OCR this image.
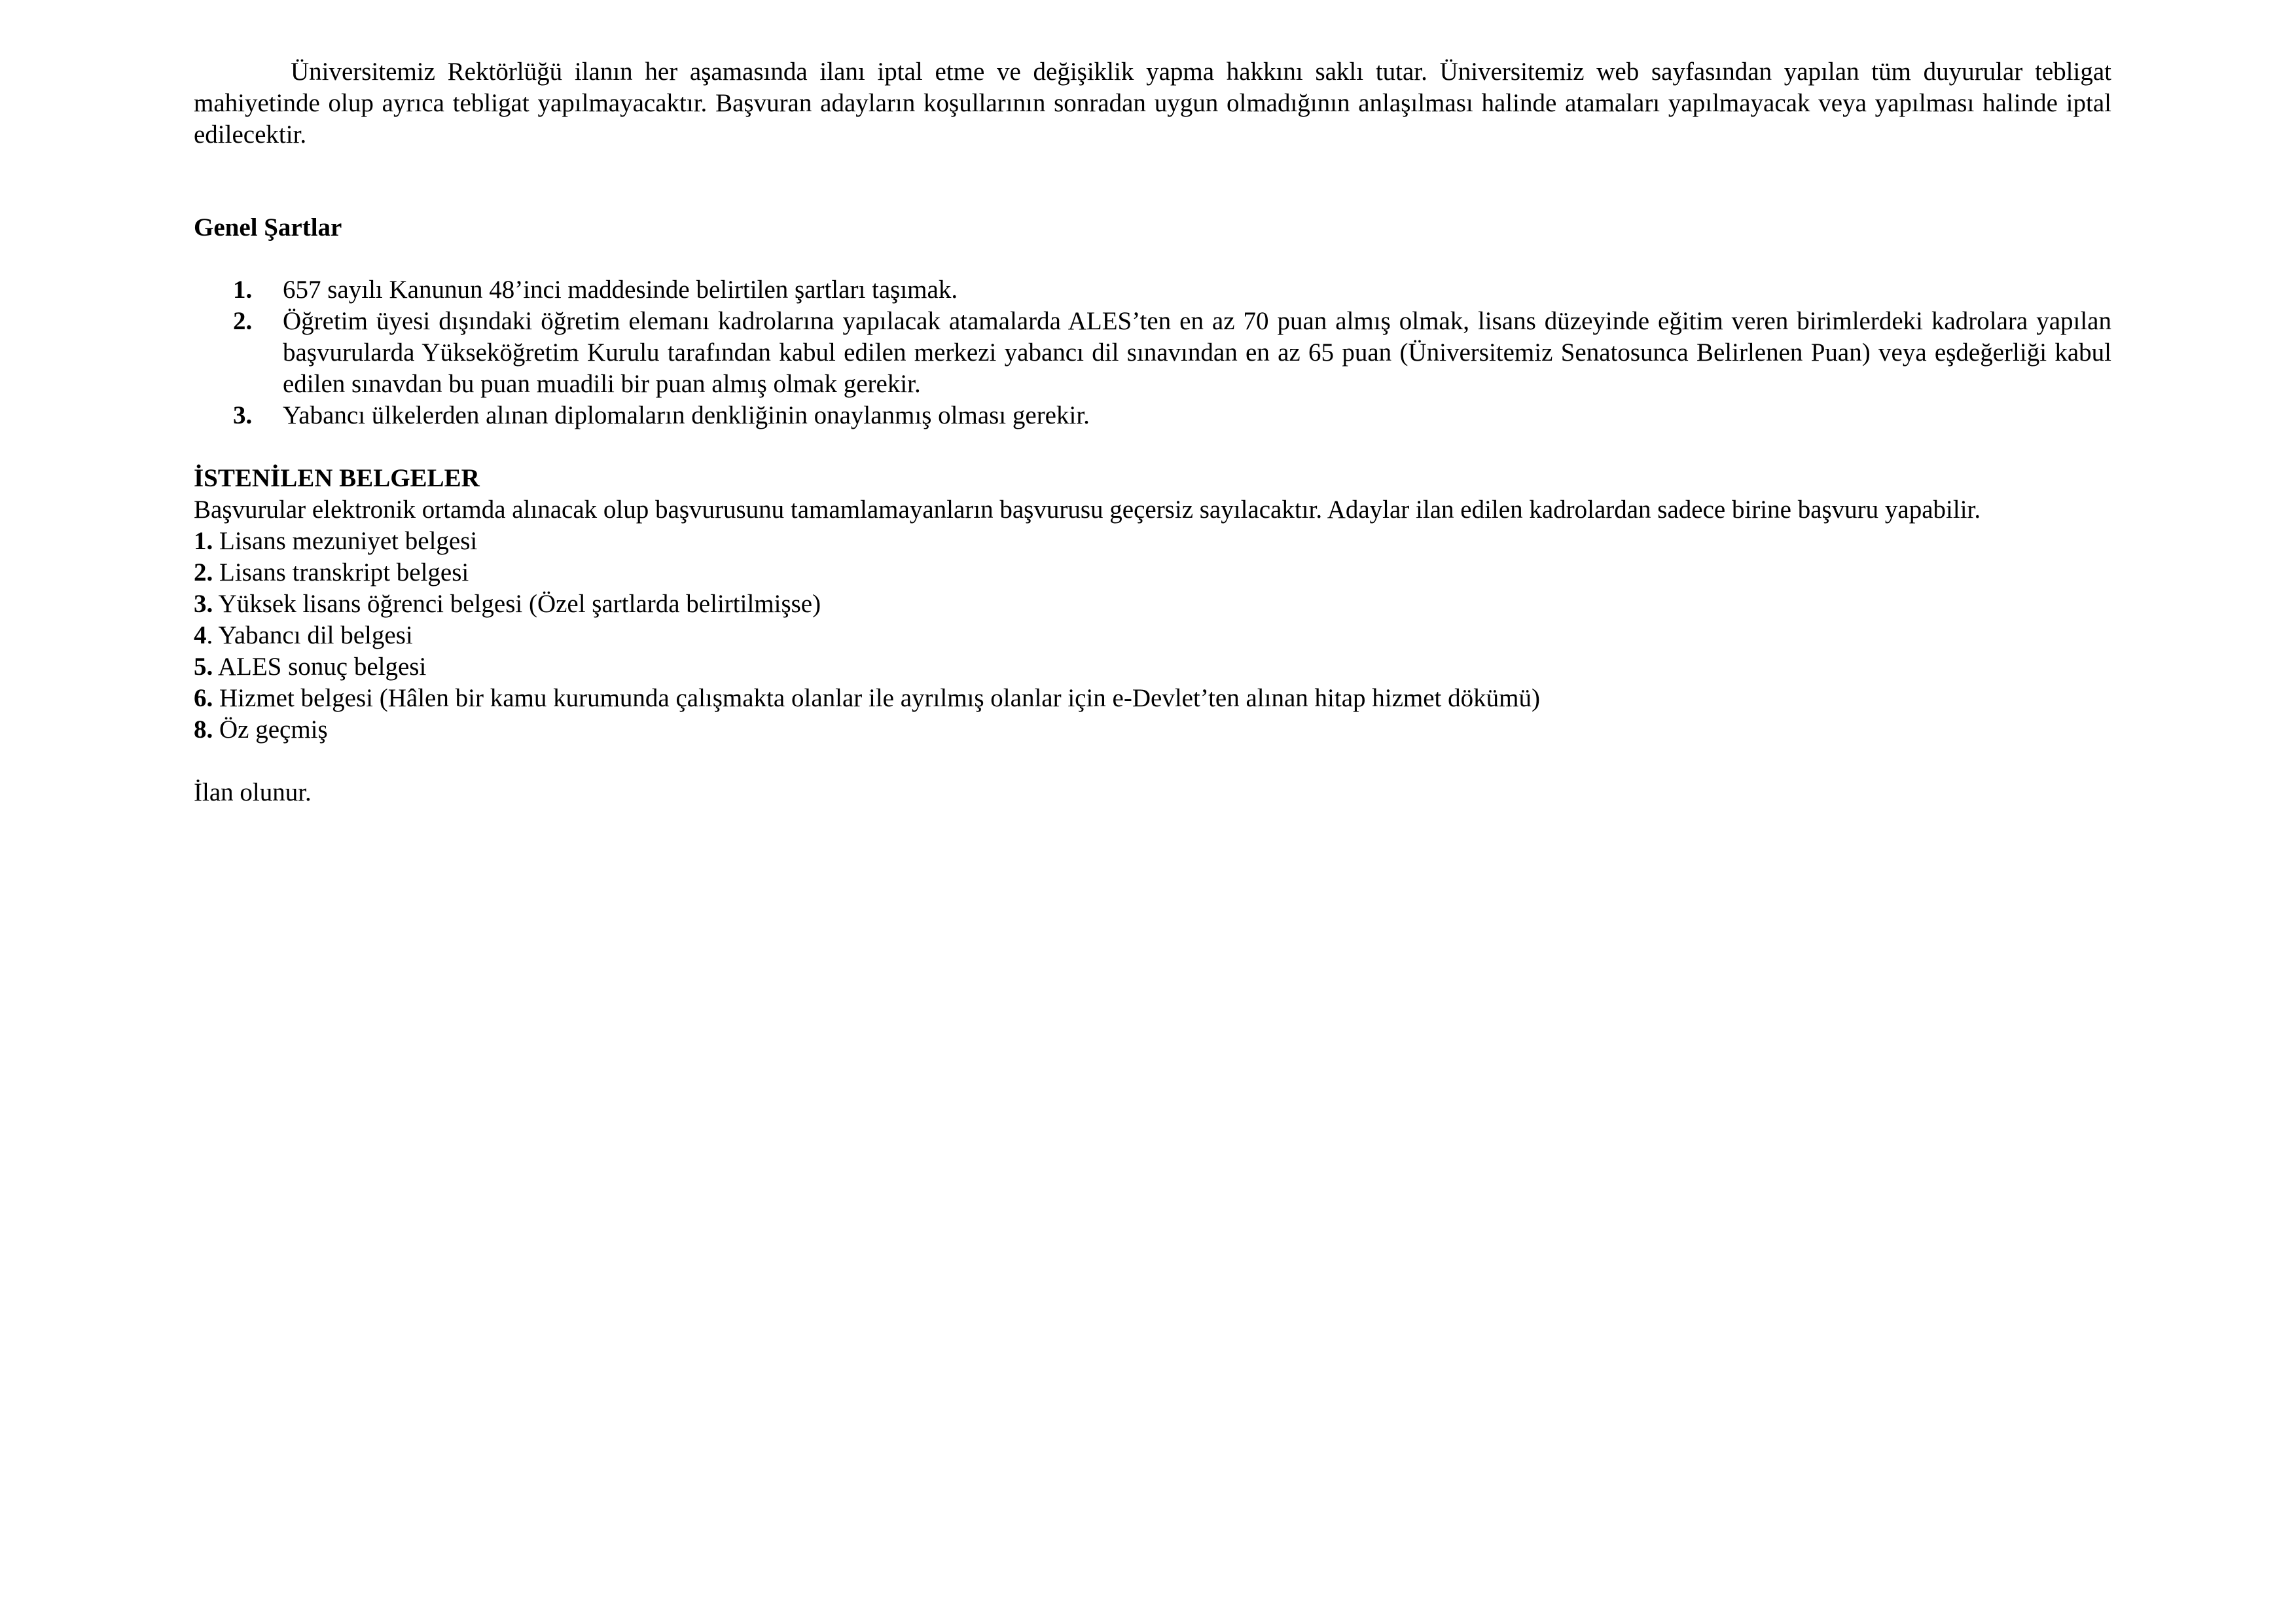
Üniversitemiz Rektörlüğü ilanın her aşamasında ilanı iptal etme ve değişiklik yapma hakkını saklı tutar. Üniversitemiz web sayfasından yapılan tüm duyurular tebligat mahiyetinde olup ayrıca tebligat yapılmayacaktır. Başvuran adayların koşullarının sonradan uygun olmadığının anlaşılması halinde atamaları yapılmayacak veya yapılması halinde iptal edilecektir.

Genel Şartlar

1.	657 sayılı Kanunun 48’inci maddesinde belirtilen şartları taşımak.
2.	Öğretim üyesi dışındaki öğretim elemanı kadrolarına yapılacak atamalarda ALES’ten en az 70 puan almış olmak, lisans düzeyinde eğitim veren birimlerdeki kadrolara yapılan başvurularda Yükseköğretim Kurulu tarafından kabul edilen merkezi yabancı dil sınavından en az 65 puan (Üniversitemiz Senatosunca Belirlenen Puan) veya eşdeğerliği kabul edilen sınavdan bu puan muadili bir puan almış olmak gerekir.
3.	Yabancı ülkelerden alınan diplomaların denkliğinin onaylanmış olması gerekir.

İSTENİLEN BELGELER

Başvurular elektronik ortamda alınacak olup başvurusunu tamamlamayanların başvurusu geçersiz sayılacaktır. Adaylar ilan edilen kadrolardan sadece birine başvuru yapabilir.

1. Lisans mezuniyet belgesi
2. Lisans transkript belgesi
3. Yüksek lisans öğrenci belgesi (Özel şartlarda belirtilmişse)
4. Yabancı dil belgesi
5. ALES sonuç belgesi
6. Hizmet belgesi (Hâlen bir kamu kurumunda çalışmakta olanlar ile ayrılmış olanlar için e-Devlet’ten alınan hitap hizmet dökümü)
8. Öz geçmiş

İlan olunur.
